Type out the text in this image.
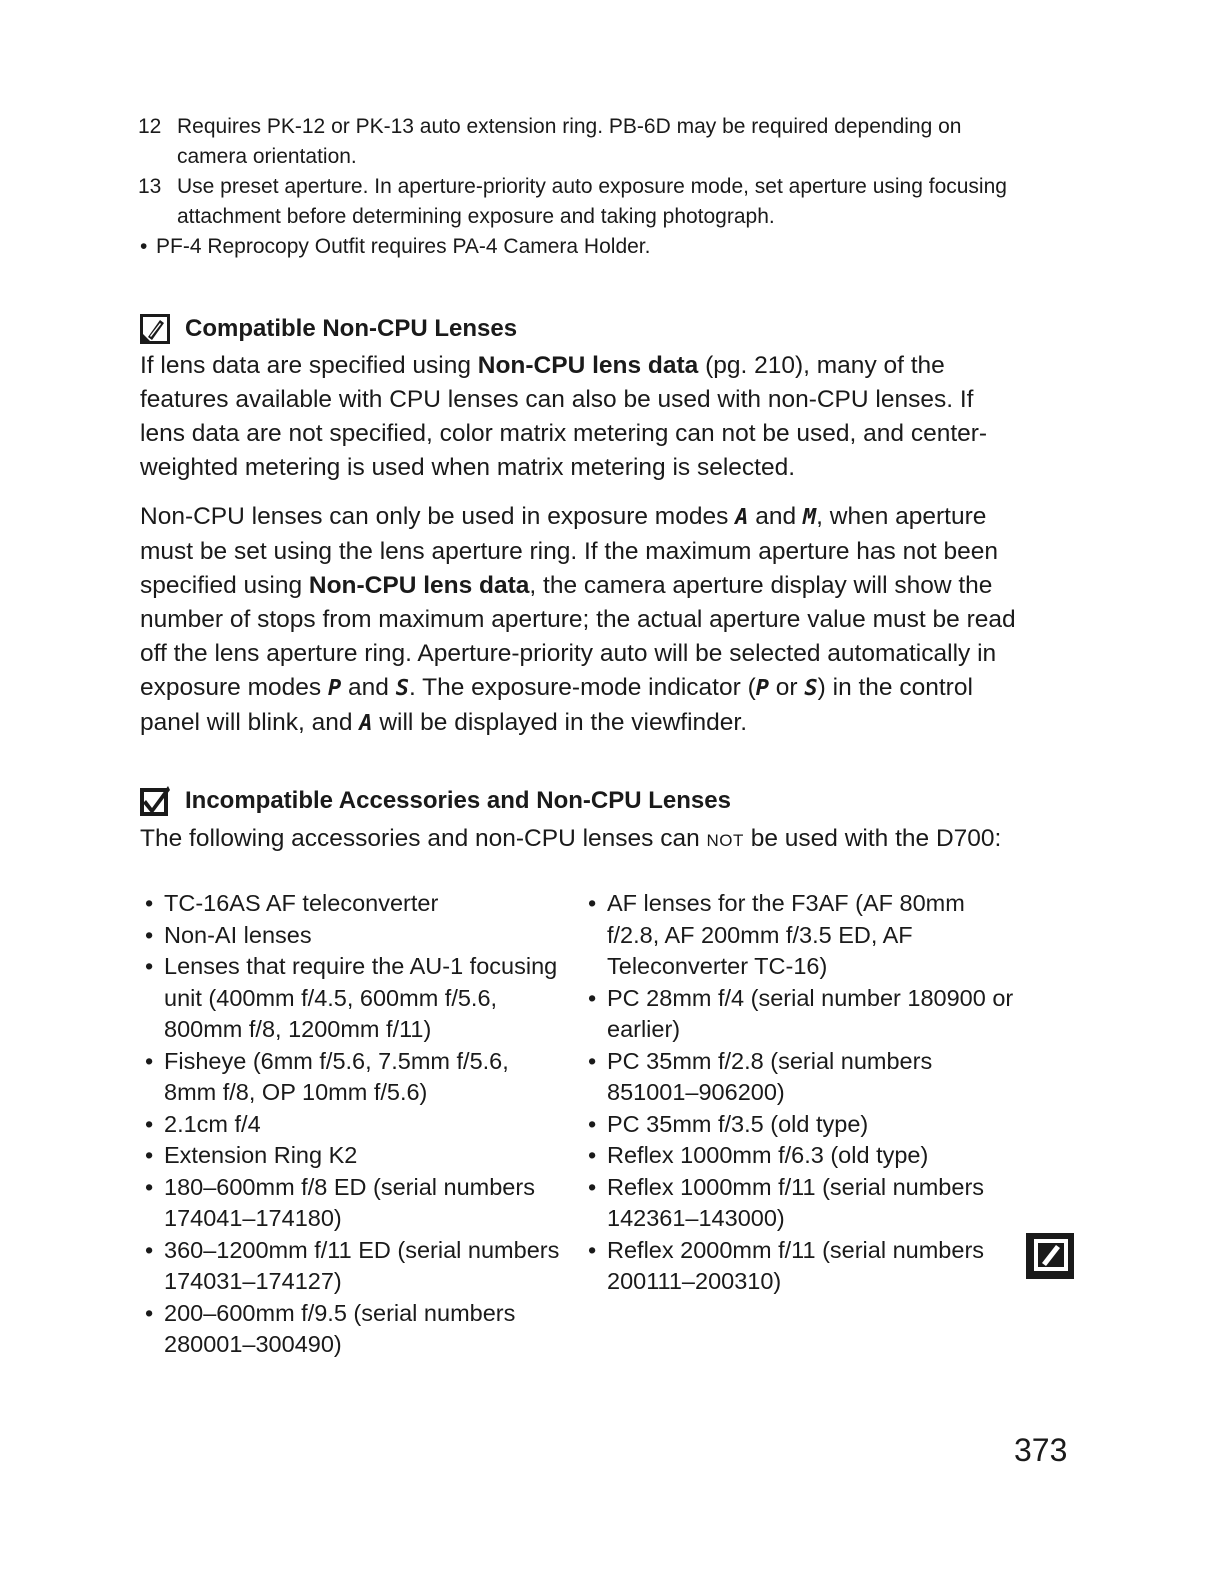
12 Requires PK-12 or PK-13 auto extension ring. PB-6D may be required depending on camera orientation.
13 Use preset aperture. In aperture-priority auto exposure mode, set aperture using focusing attachment before determining exposure and taking photograph.
• PF-4 Reprocopy Outfit requires PA-4 Camera Holder.
Compatible Non-CPU Lenses
If lens data are specified using Non-CPU lens data (pg. 210), many of the features available with CPU lenses can also be used with non-CPU lenses. If lens data are not specified, color matrix metering can not be used, and center-weighted metering is used when matrix metering is selected.
Non-CPU lenses can only be used in exposure modes A and M, when aperture must be set using the lens aperture ring. If the maximum aperture has not been specified using Non-CPU lens data, the camera aperture display will show the number of stops from maximum aperture; the actual aperture value must be read off the lens aperture ring. Aperture-priority auto will be selected automatically in exposure modes P and S. The exposure-mode indicator (P or S) in the control panel will blink, and A will be displayed in the viewfinder.
Incompatible Accessories and Non-CPU Lenses
The following accessories and non-CPU lenses can NOT be used with the D700:
• TC-16AS AF teleconverter
• Non-AI lenses
• Lenses that require the AU-1 focusing unit (400mm f/4.5, 600mm f/5.6, 800mm f/8, 1200mm f/11)
• Fisheye (6mm f/5.6, 7.5mm f/5.6, 8mm f/8, OP 10mm f/5.6)
• 2.1cm f/4
• Extension Ring K2
• 180–600mm f/8 ED (serial numbers 174041–174180)
• 360–1200mm f/11 ED (serial numbers 174031–174127)
• 200–600mm f/9.5 (serial numbers 280001–300490)
• AF lenses for the F3AF (AF 80mm f/2.8, AF 200mm f/3.5 ED, AF Teleconverter TC-16)
• PC 28mm f/4 (serial number 180900 or earlier)
• PC 35mm f/2.8 (serial numbers 851001–906200)
• PC 35mm f/3.5 (old type)
• Reflex 1000mm f/6.3 (old type)
• Reflex 1000mm f/11 (serial numbers 142361–143000)
• Reflex 2000mm f/11 (serial numbers 200111–200310)
373
